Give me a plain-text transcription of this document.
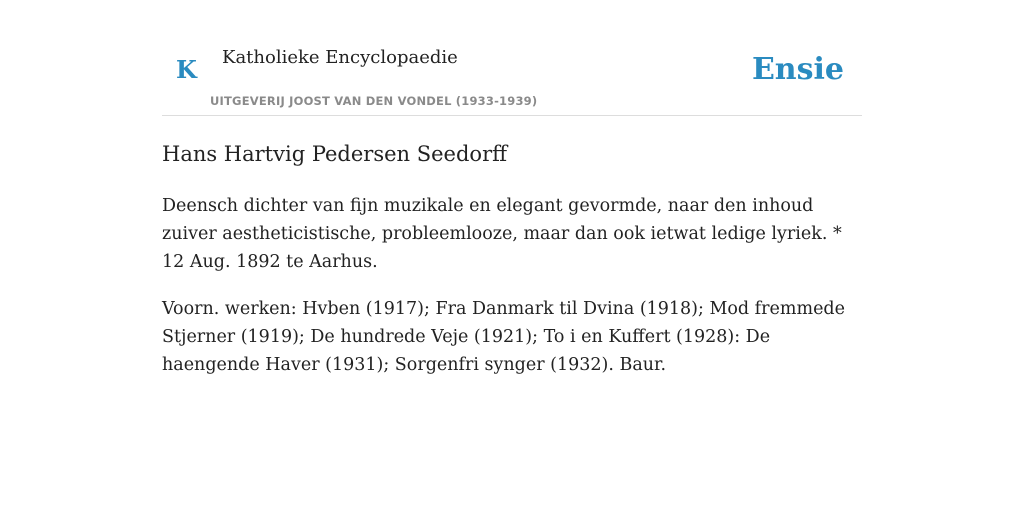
K Katholieke Encyclopaedie
UITGEVERIJ JOOST VAN DEN VONDEL (1933-1939)
Ensie
Hans Hartvig Pedersen Seedorff

Deensch dichter van fijn muzikale en elegant gevormde, naar den inhoud zuiver aestheticistische, probleemlooze, maar dan ook ietwat ledige lyriek. * 12 Aug. 1892 te Aarhus.

Voorn. werken: Hvben (1917); Fra Danmark til Dvina (1918); Mod fremmede Stjerner (1919); De hundrede Veje (1921); To i en Kuffert (1928): De haengende Haver (1931); Sorgenfri synger (1932). Baur.
